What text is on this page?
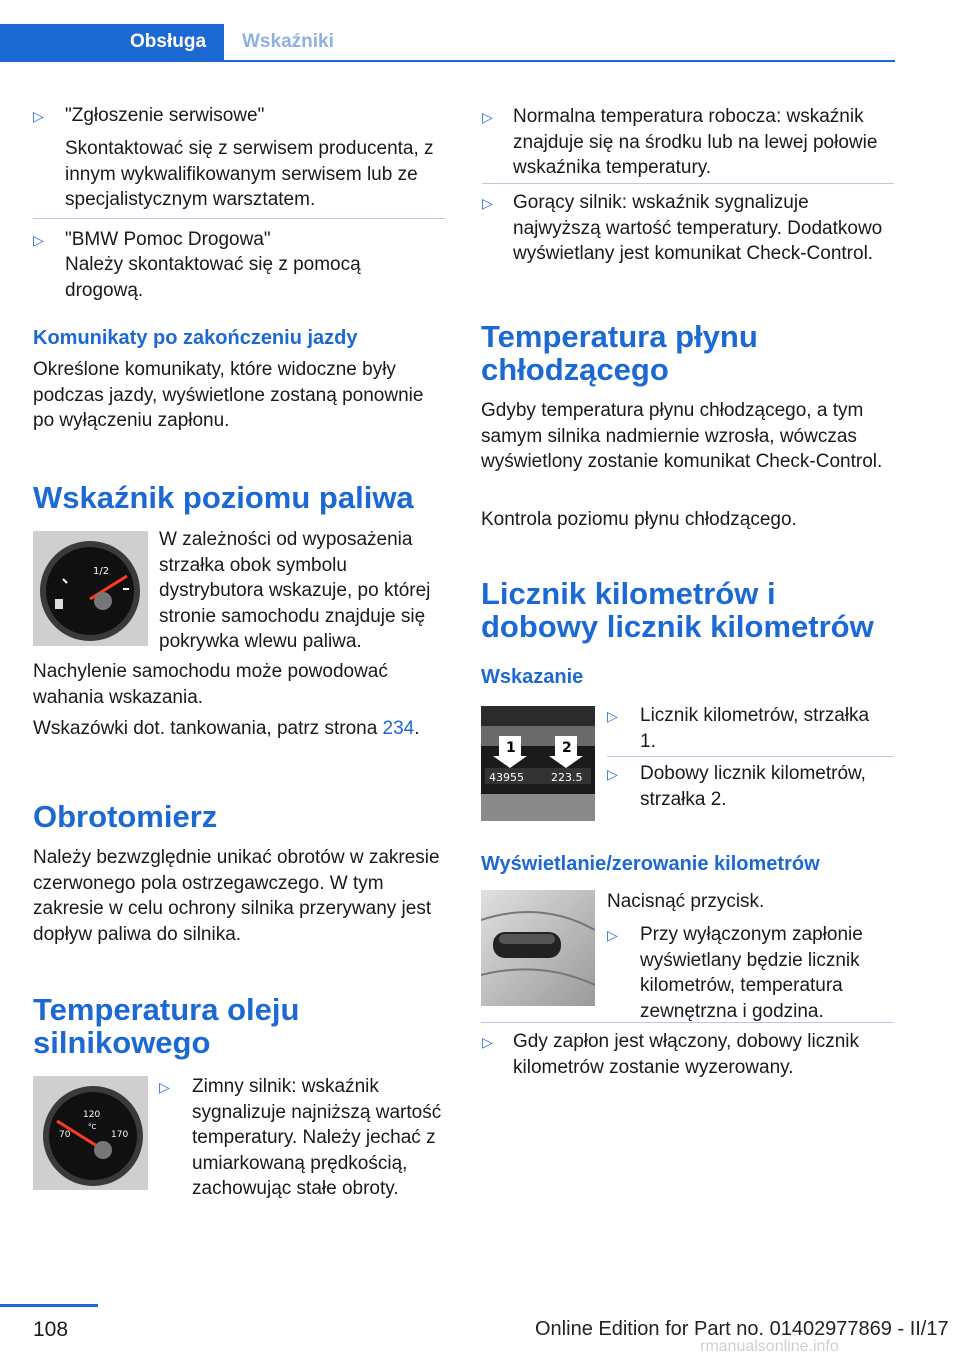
Obsługa Wskaźniki
▷ "Zgłoszenie serwisowe"

Skontaktować się z serwisem producenta, z innym wykwalifikowanym serwisem lub ze specjalistycznym warsztatem.

▷ "BMW Pomoc Drogowa"

Należy skontaktować się z pomocą drogową.

Komunikaty po zakończeniu jazdy

Określone komunikaty, które widoczne były podczas jazdy, wyświetlone zostaną ponownie po wyłączeniu zapłonu.

Wskaźnik poziomu paliwa

1/2

W zależności od wyposażenia strzałka obok symbolu dystrybutora wskazuje, po której stronie samochodu znajduje się pokrywka wlewu paliwa.

Nachylenie samochodu może powodować wahania wskazania.

Wskazówki dot. tankowania, patrz strona 234.

Obrotomierz

Należy bezwzględnie unikać obrotów w zakresie czerwonego pola ostrzegawczego. W tym zakresie w celu ochrony silnika przerywany jest dopływ paliwa do silnika.

Temperatura oleju silnikowego

120
°C
70	170
▷ Zimny silnik: wskaźnik sygnalizuje najniższą wartość temperatury. Należy jechać z umiarkowaną prędkością, zachowując stałe obroty.

▷ Normalna temperatura robocza: wskaźnik znajduje się na środku lub na lewej połowie wskaźnika temperatury.

▷ Gorący silnik: wskaźnik sygnalizuje najwyższą wartość temperatury. Dodatkowo wyświetlany jest komunikat Check-Control.

Temperatura płynu chłodzącego

Gdyby temperatura płynu chłodzącego, a tym samym silnika nadmiernie wzrosła, wówczas wyświetlony zostanie komunikat Check-Control.

Kontrola poziomu płynu chłodzącego.

Licznik kilometrów i dobowy licznik kilometrów

Wskazanie

1	2
43955 223.5
▷ Licznik kilometrów, strzałka 1.

▷ Dobowy licznik kilometrów, strzałka 2.

Wyświetlanie/zerowanie kilometrów

Nacisnąć przycisk.

▷ Przy wyłączonym zapłonie wyświetlany będzie licznik kilometrów, temperatura zewnętrzna i godzina.

▷ Gdy zapłon jest włączony, dobowy licznik kilometrów zostanie wyzerowany.

108	Online Edition for Part no. 01402977869 - II/17
rmanualsonline.info
